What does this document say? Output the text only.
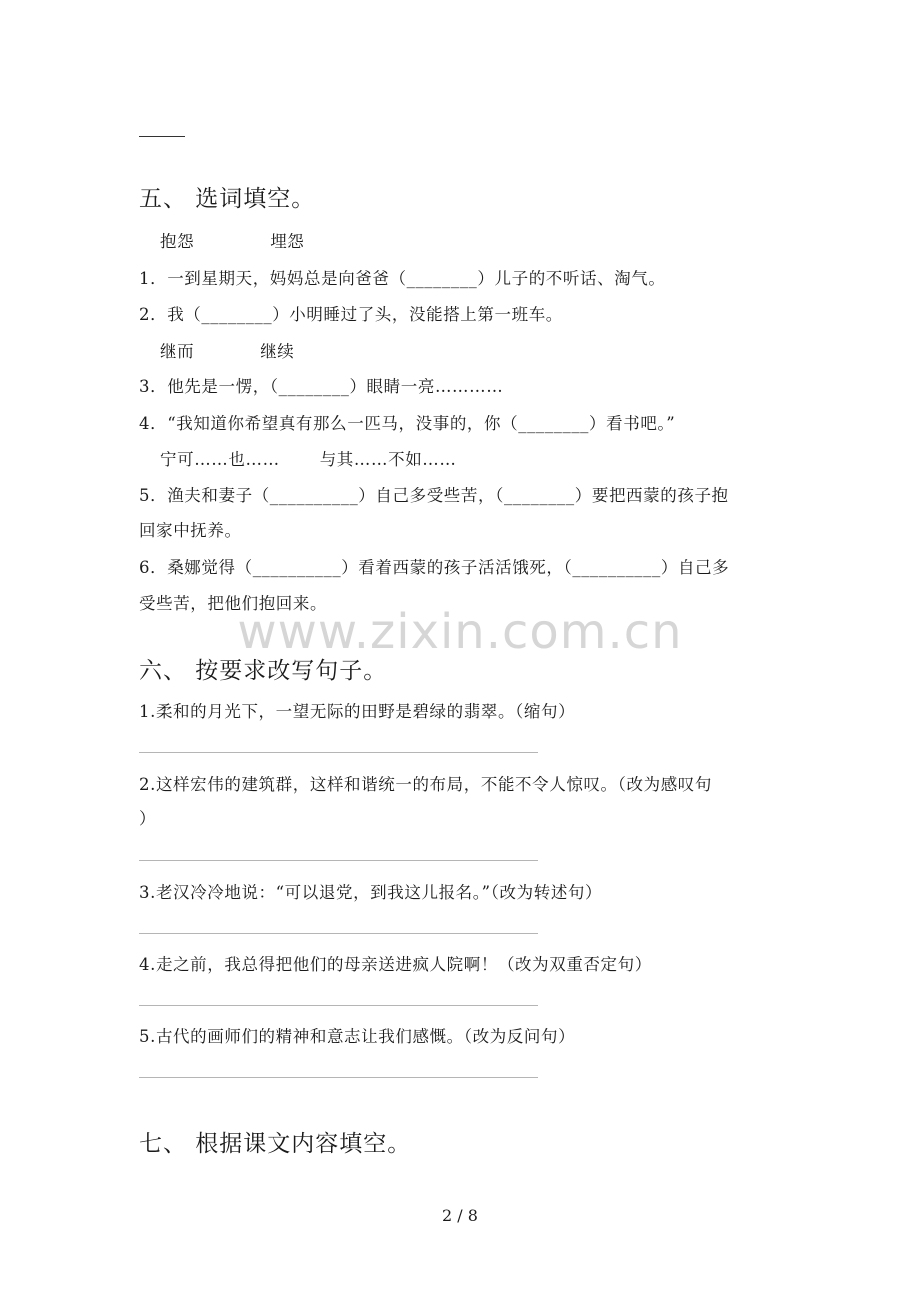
五、 选词填空。
抱怨	埋怨
1．一到星期天，妈妈总是向爸爸（________）儿子的不听话、淘气。
2．我（________）小明睡过了头，没能搭上第一班车。
继而	继续
3．他先是一愣，（________）眼睛一亮…………
4．“我知道你希望真有那么一匹马，没事的，你（________）看书吧。”
宁可……也…… 与其……不如……
5．渔夫和妻子（__________）自己多受些苦，（________）要把西蒙的孩子抱
回家中抚养。
6．桑娜觉得（__________）看着西蒙的孩子活活饿死，（__________）自己多
受些苦，把他们抱回来。
www.zixin.com.cn
六、 按要求改写句子。
1.柔和的月光下，一望无际的田野是碧绿的翡翠。（缩句）
2.这样宏伟的建筑群，这样和谐统一的布局，不能不令人惊叹。（改为感叹句
）
3.老汉冷冷地说：“可以退党，到我这儿报名。”（改为转述句）
4.走之前，我总得把他们的母亲送进疯人院啊！（改为双重否定句）
5.古代的画师们的精神和意志让我们感慨。（改为反问句）
七、 根据课文内容填空。
2 / 8
